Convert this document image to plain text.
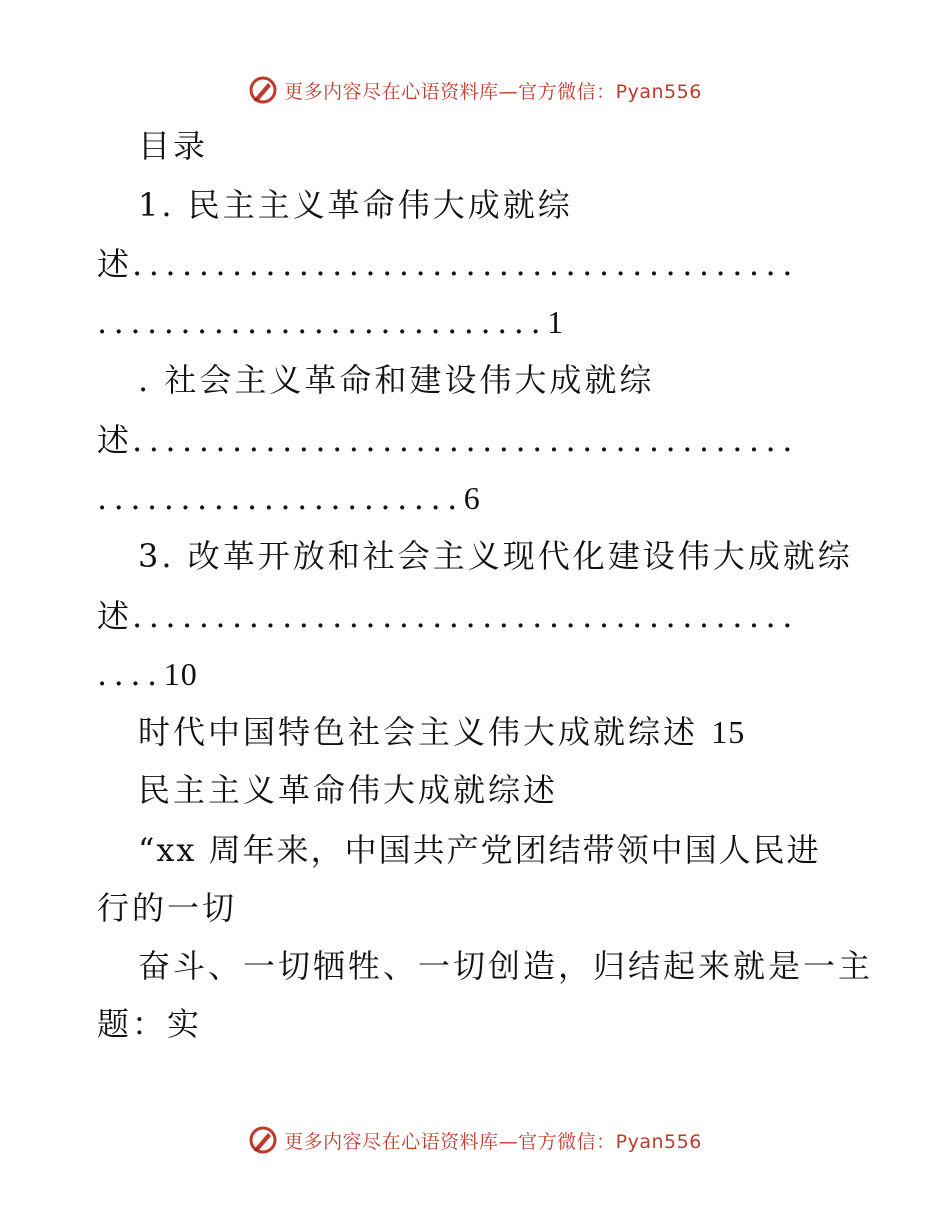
更多内容尽在心语资料库—官方微信：Pyan556
目录
1. 民主主义革命伟大成就综
述........................................
...........................1
. 社会主义革命和建设伟大成就综
述........................................
......................6
3. 改革开放和社会主义现代化建设伟大成就综
述........................................
....10
时代中国特色社会主义伟大成就综述 15
民主主义革命伟大成就综述
“xx 周年来，中国共产党团结带领中国人民进
行的一切
奋斗、一切牺牲、一切创造，归结起来就是一主
题：实
更多内容尽在心语资料库—官方微信：Pyan556
